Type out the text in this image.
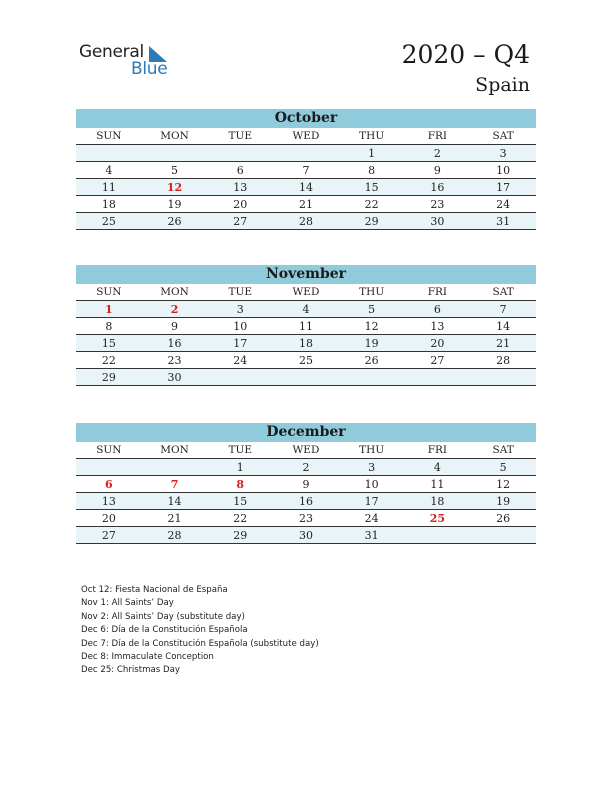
General
Blue	2020 – Q4
Spain
October
SUN	MON	TUE	WED	THU	FRI	SAT
				1	2	3
4	5	6	7	8	9	10
11	12	13	14	15	16	17
18	19	20	21	22	23	24
25	26	27	28	29	30	31
November
SUN	MON	TUE	WED	THU	FRI	SAT
1	2	3	4	5	6	7
8	9	10	11	12	13	14
15	16	17	18	19	20	21
22	23	24	25	26	27	28
29	30					
December
SUN	MON	TUE	WED	THU	FRI	SAT
		1	2	3	4	5
6	7	8	9	10	11	12
13	14	15	16	17	18	19
20	21	22	23	24	25	26
27	28	29	30	31		
Oct 12: Fiesta Nacional de España
Nov 1: All Saints’ Day
Nov 2: All Saints’ Day (substitute day)
Dec 6: Día de la Constitución Española
Dec 7: Día de la Constitución Española (substitute day)
Dec 8: Immaculate Conception
Dec 25: Christmas Day
